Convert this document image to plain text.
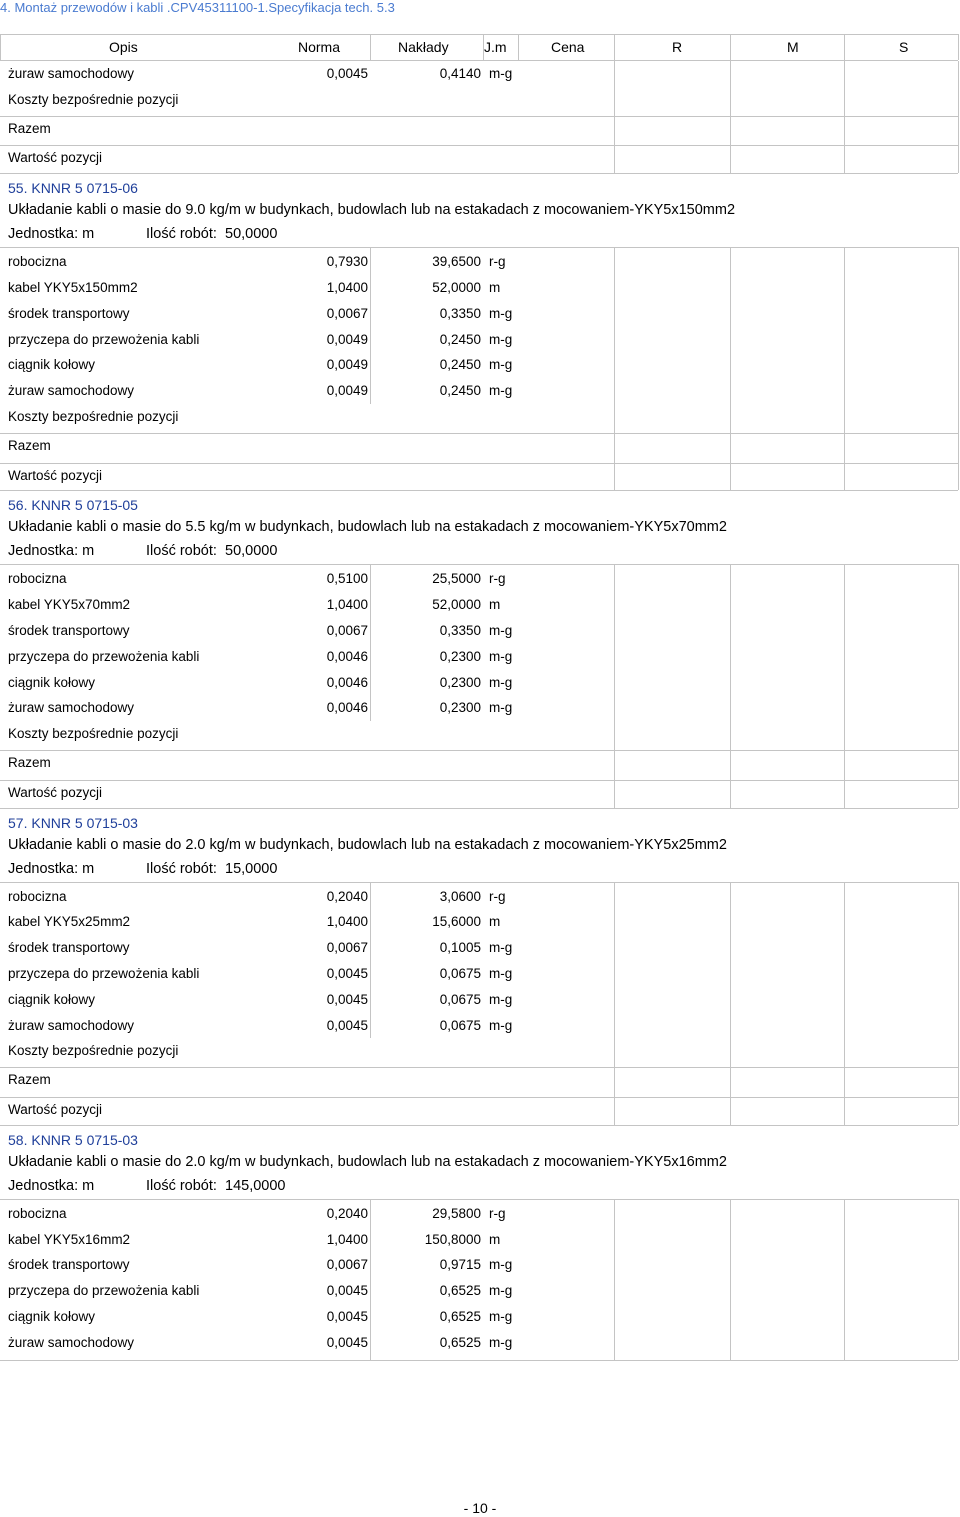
4. Montaż przewodów i kabli .CPV45311100-1.Specyfikacja tech. 5.3
Opis	Norma	Nakłady	J.m	Cena	R	M	S
żuraw samochodowy	0,0045	0,4140 m-g
Koszty bezpośrednie pozycji
Razem
Wartość pozycji
55. KNNR 5 0715-06
Układanie kabli o masie do 9.0 kg/m w budynkach, budowlach lub na estakadach z mocowaniem-YKY5x150mm2
Jednostka: m	Ilość robót: 50,0000
robocizna	0,7930	39,6500 r-g
kabel YKY5x150mm2	1,0400	52,0000 m
środek transportowy	0,0067	0,3350 m-g
przyczepa do przewożenia kabli	0,0049	0,2450 m-g
ciągnik kołowy	0,0049	0,2450 m-g
żuraw samochodowy	0,0049	0,2450 m-g
Koszty bezpośrednie pozycji
Razem
Wartość pozycji
56. KNNR 5 0715-05
Układanie kabli o masie do 5.5 kg/m w budynkach, budowlach lub na estakadach z mocowaniem-YKY5x70mm2
Jednostka: m	Ilość robót: 50,0000
robocizna	0,5100	25,5000 r-g
kabel YKY5x70mm2	1,0400	52,0000 m
środek transportowy	0,0067	0,3350 m-g
przyczepa do przewożenia kabli	0,0046	0,2300 m-g
ciągnik kołowy	0,0046	0,2300 m-g
żuraw samochodowy	0,0046	0,2300 m-g
Koszty bezpośrednie pozycji
Razem
Wartość pozycji
57. KNNR 5 0715-03
Układanie kabli o masie do 2.0 kg/m w budynkach, budowlach lub na estakadach z mocowaniem-YKY5x25mm2
Jednostka: m	Ilość robót: 15,0000
robocizna	0,2040	3,0600 r-g
kabel YKY5x25mm2	1,0400	15,6000 m
środek transportowy	0,0067	0,1005 m-g
przyczepa do przewożenia kabli	0,0045	0,0675 m-g
ciągnik kołowy	0,0045	0,0675 m-g
żuraw samochodowy	0,0045	0,0675 m-g
Koszty bezpośrednie pozycji
Razem
Wartość pozycji
58. KNNR 5 0715-03
Układanie kabli o masie do 2.0 kg/m w budynkach, budowlach lub na estakadach z mocowaniem-YKY5x16mm2
Jednostka: m	Ilość robót: 145,0000
robocizna	0,2040	29,5800 r-g
kabel YKY5x16mm2	1,0400	150,8000 m
środek transportowy	0,0067	0,9715 m-g
przyczepa do przewożenia kabli	0,0045	0,6525 m-g
ciągnik kołowy	0,0045	0,6525 m-g
żuraw samochodowy	0,0045	0,6525 m-g
- 10 -
